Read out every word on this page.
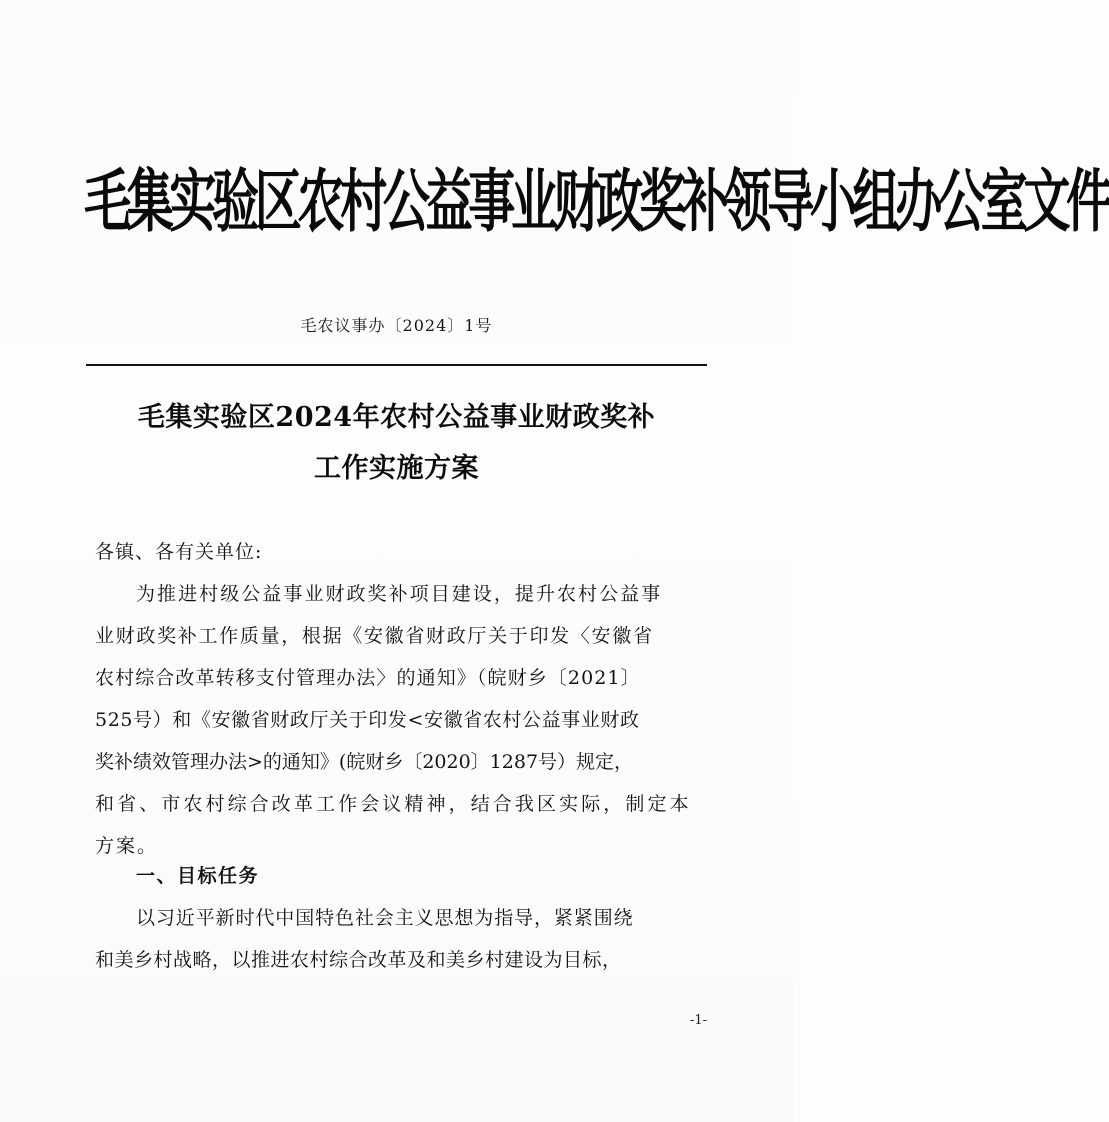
毛集实验区农村公益事业财政奖补领导小组办公室文件
毛农议事办〔2024〕1号
毛集实验区2024年农村公益事业财政奖补
工作实施方案
各镇、各有关单位:
为推进村级公益事业财政奖补项目建设，提升农村公益事
业财政奖补工作质量，根据《安徽省财政厅关于印发〈安徽省
农村综合改革转移支付管理办法〉的通知》（皖财乡〔2021〕
525号）和《安徽省财政厅关于印发<安徽省农村公益事业财政
奖补绩效管理办法>的通知》(皖财乡〔2020〕1287号）规定，
和省、市农村综合改革工作会议精神，结合我区实际，制定本
方案。
一、目标任务
以习近平新时代中国特色社会主义思想为指导，紧紧围绕
和美乡村战略，以推进农村综合改革及和美乡村建设为目标，
-1-
